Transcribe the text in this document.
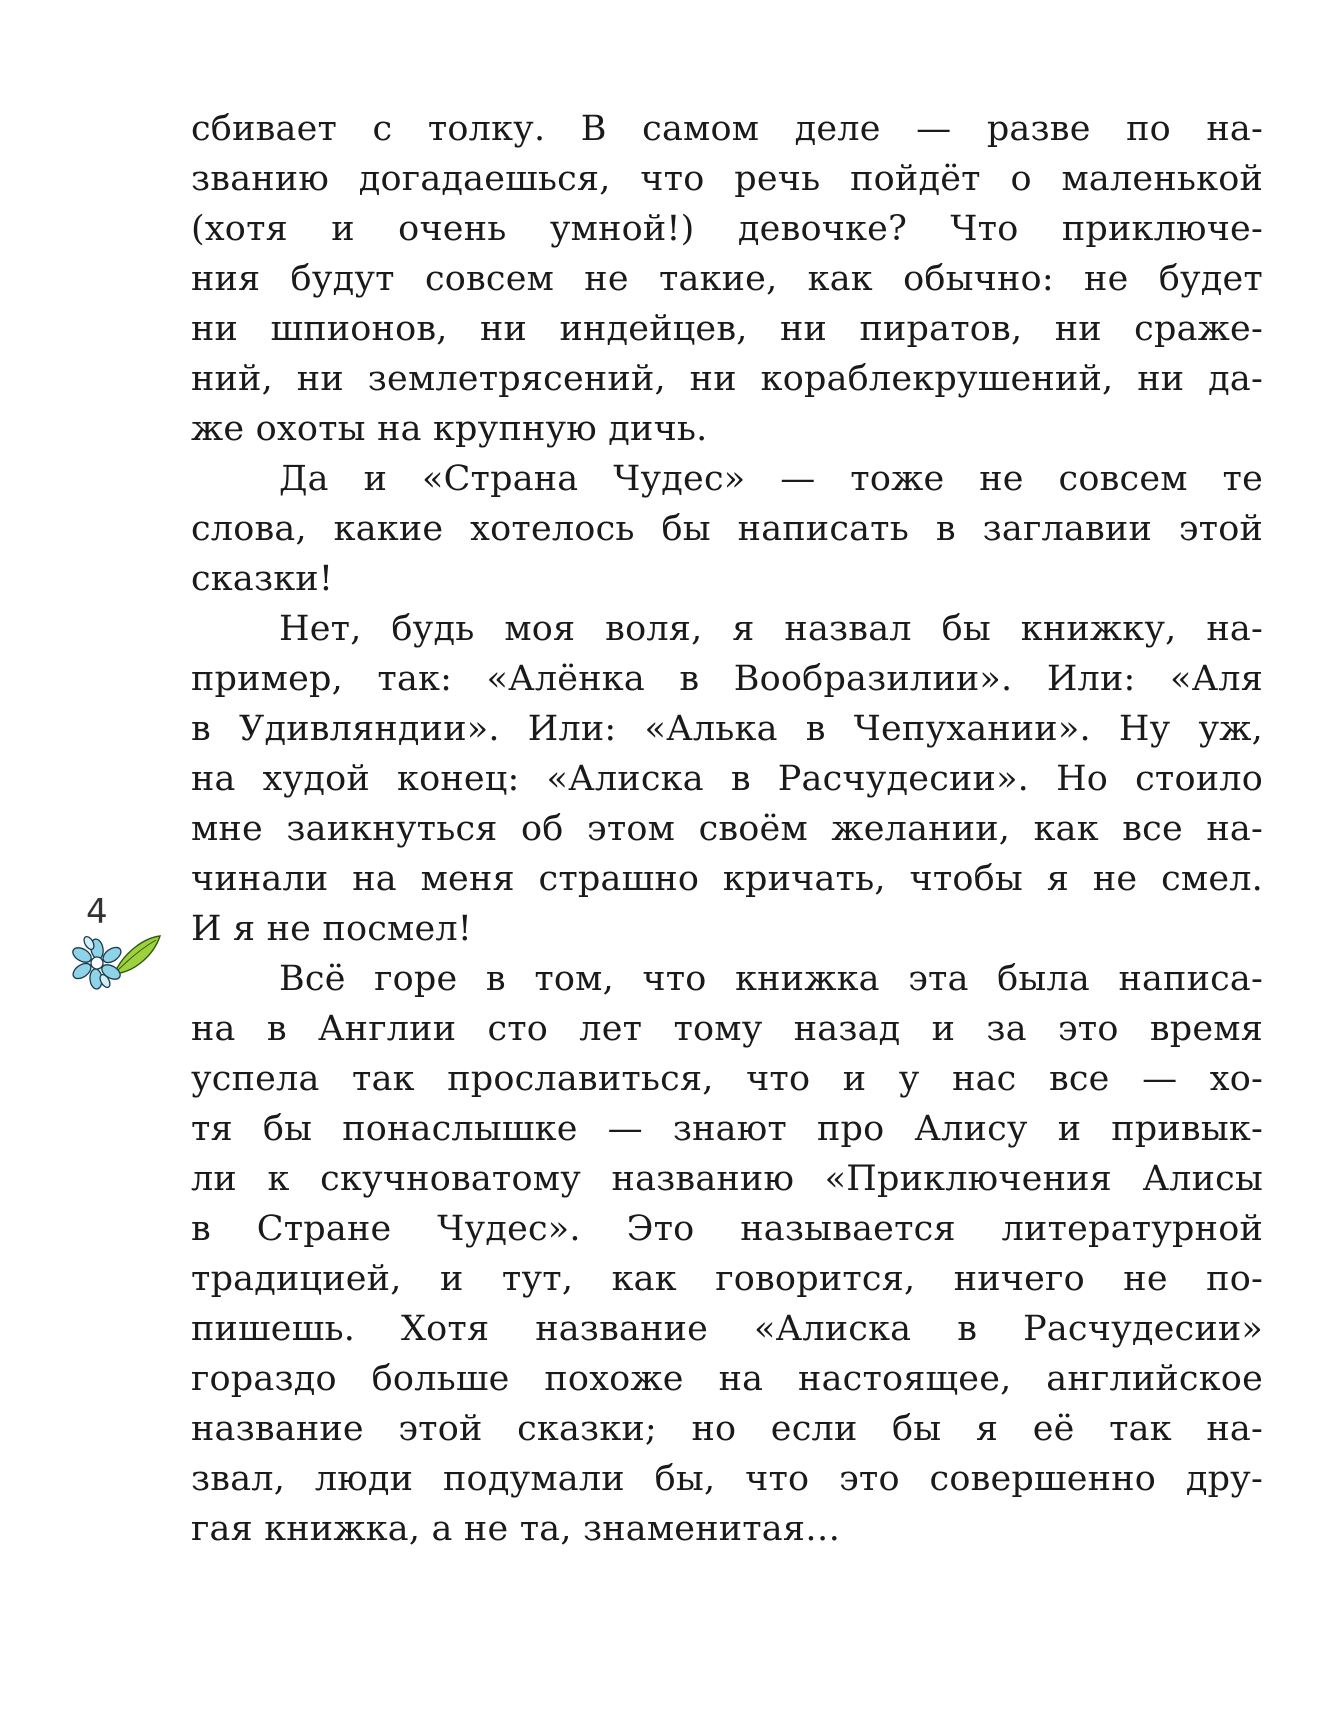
сбивает с толку. В самом деле — разве по на-
званию догадаешься, что речь пойдёт о маленькой
(хотя и очень умной!) девочке? Что приключе-
ния будут совсем не такие, как обычно: не будет
ни шпионов, ни индейцев, ни пиратов, ни сраже-
ний, ни землетрясений, ни кораблекрушений, ни да-
же охоты на крупную дичь.
Да и «Страна Чудес» — тоже не совсем те
слова, какие хотелось бы написать в заглавии этой
сказки!
Нет, будь моя воля, я назвал бы книжку, на-
пример, так: «Алёнка в Вообразилии». Или: «Аля
в Удивляндии». Или: «Алька в Чепухании». Ну уж,
на худой конец: «Алиска в Расчудесии». Но стоило
мне заикнуться об этом своём желании, как все на-
чинали на меня страшно кричать, чтобы я не смел.
И я не посмел!
Всё горе в том, что книжка эта была написа-
на в Англии сто лет тому назад и за это время
успела так прославиться, что и у нас все — хо-
тя бы понаслышке — знают про Алису и привык-
ли к скучноватому названию «Приключения Алисы
в Стране Чудес». Это называется литературной
традицией, и тут, как говорится, ничего не по-
пишешь. Хотя название «Алиска в Расчудесии»
гораздо больше похоже на настоящее, английское
название этой сказки; но если бы я её так на-
звал, люди подумали бы, что это совершенно дру-
гая книжка, а не та, знаменитая…
4
